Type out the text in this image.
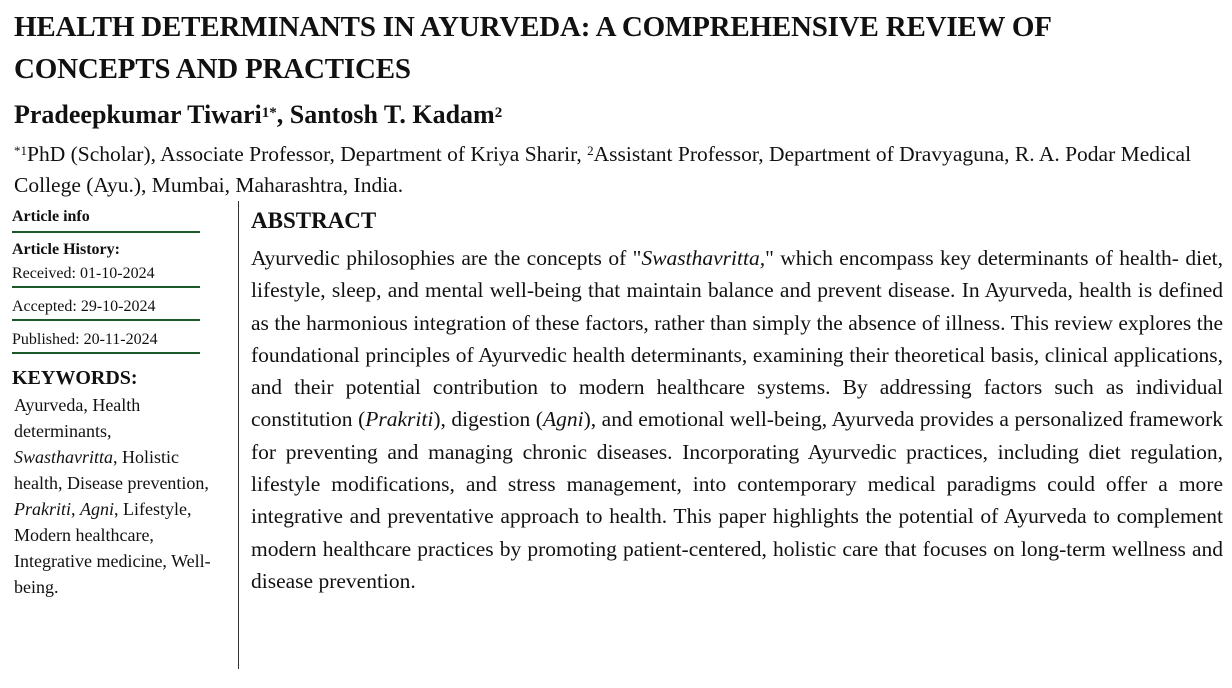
HEALTH DETERMINANTS IN AYURVEDA: A COMPREHENSIVE REVIEW OF CONCEPTS AND PRACTICES
Pradeepkumar Tiwari$^{1*}$, Santosh T. Kadam$^2$
$^{*1}$PhD (Scholar), Associate Professor, Department of Kriya Sharir, $^2$Assistant Professor, Department of Dravyaguna, R. A. Podar Medical College (Ayu.), Mumbai, Maharashtra, India.
Article info
Article History:
Received: 01-10-2024
Accepted: 29-10-2024
Published: 20-11-2024
KEYWORDS:
Ayurveda, Health determinants, Swasthavritta, Holistic health, Disease prevention, Prakriti, Agni, Lifestyle, Modern healthcare, Integrative medicine, Well-being.
ABSTRACT

Ayurvedic philosophies are the concepts of "Swasthavritta," which encompass key determinants of health- diet, lifestyle, sleep, and mental well-being that maintain balance and prevent disease. In Ayurveda, health is defined as the harmonious integration of these factors, rather than simply the absence of illness. This review explores the foundational principles of Ayurvedic health determinants, examining their theoretical basis, clinical applications, and their potential contribution to modern healthcare systems. By addressing factors such as individual constitution (Prakriti), digestion (Agni), and emotional well-being, Ayurveda provides a personalized framework for preventing and managing chronic diseases. Incorporating Ayurvedic practices, including diet regulation, lifestyle modifications, and stress management, into contemporary medical paradigms could offer a more integrative and preventative approach to health. This paper highlights the potential of Ayurveda to complement modern healthcare practices by promoting patient-centered, holistic care that focuses on long-term wellness and disease prevention.
